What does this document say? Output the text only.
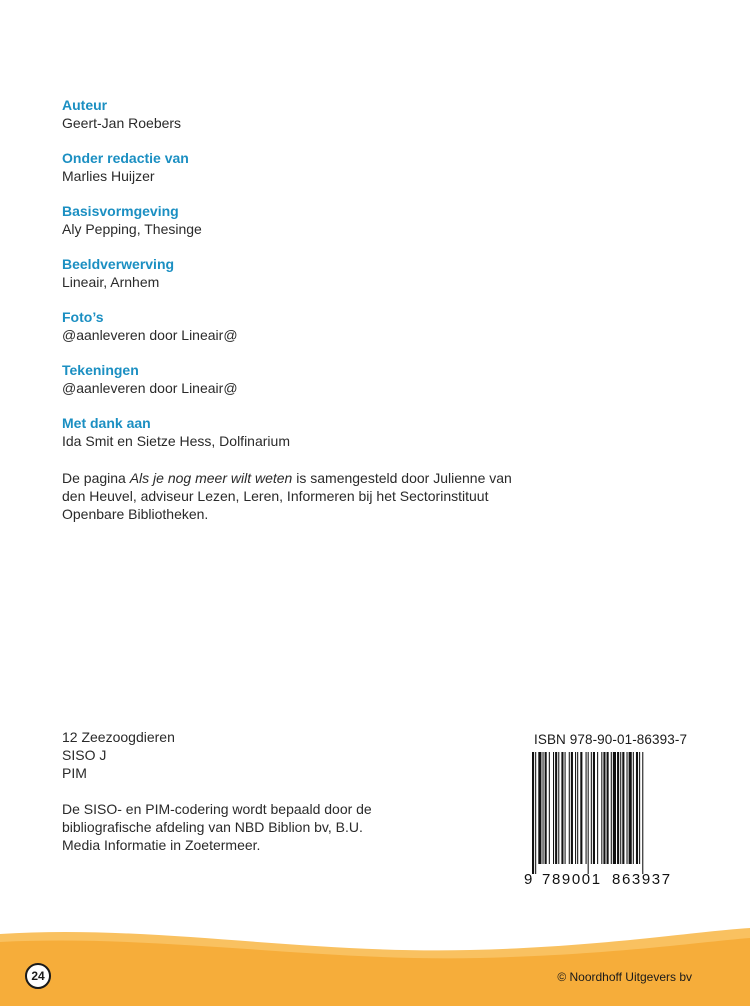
Auteur
Geert-Jan Roebers
Onder redactie van
Marlies Huijzer
Basisvormgeving
Aly Pepping, Thesinge
Beeldverwerving
Lineair, Arnhem
Foto’s
@aanleveren door Lineair@
Tekeningen
@aanleveren door Lineair@
Met dank aan
Ida Smit en Sietze Hess, Dolfinarium
De pagina Als je nog meer wilt weten is samengesteld door Julienne van den Heuvel, adviseur Lezen, Leren, Informeren bij het Sectorinstituut Openbare Bibliotheken.
12 Zeezoogdieren
SISO J
PIM
De SISO- en PIM-codering wordt bepaald door de bibliografische afdeling van NBD Biblion bv, B.U. Media Informatie in Zoetermeer.
ISBN 978-90-01-86393-7
9 789001 863937
24	© Noordhoff Uitgevers bv
